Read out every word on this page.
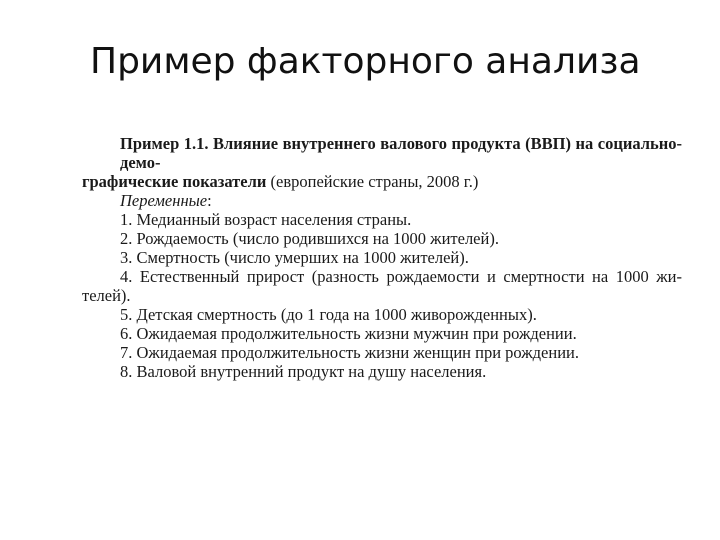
Пример факторного анализа
Пример 1.1. Влияние внутреннего валового продукта (ВВП) на социально-демо-
графические показатели (европейские страны, 2008 г.)
Переменные:
1. Медианный возраст населения страны.
2. Рождаемость (число родившихся на 1000 жителей).
3. Смертность (число умерших на 1000 жителей).
4. Естественный прирост (разность рождаемости и смертности на 1000 жи-
телей).
5. Детская смертность (до 1 года на 1000 живорожденных).
6. Ожидаемая продолжительность жизни мужчин при рождении.
7. Ожидаемая продолжительность жизни женщин при рождении.
8. Валовой внутренний продукт на душу населения.
